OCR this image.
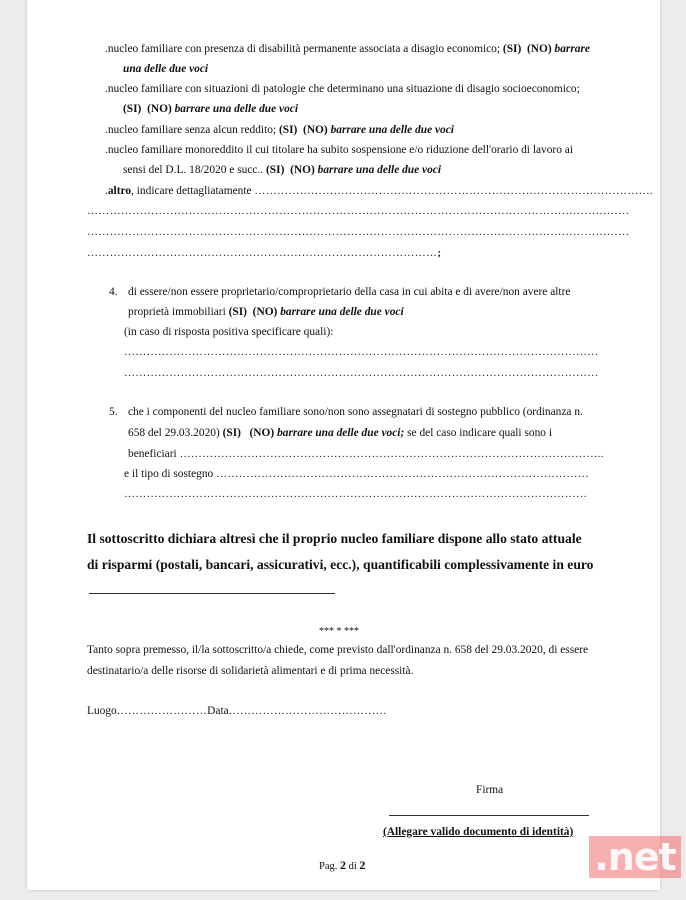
.nucleo familiare con presenza di disabilità permanente associata a disagio economico; (SI) (NO) barrare
una delle due voci
.nucleo familiare con situazioni di patologie che determinano una situazione di disagio socioeconomico;
(SI) (NO) barrare una delle due voci
.nucleo familiare senza alcun reddito; (SI) (NO) barrare una delle due voci
.nucleo familiare monoreddito il cui titolare ha subito sospensione e/o riduzione dell'orario di lavoro ai
sensi del D.L. 18/2020 e succ.. (SI) (NO) barrare una delle due voci
.altro, indicare dettagliatamente …………………………………………………………………………………………….
………………………………………………………………………………………………………………………………
………………………………………………………………………………………………………………………………
…………………………………………………………………………………;
4. di essere/non essere proprietario/comproprietario della casa in cui abita e di avere/non avere altre
proprietà immobiliari (SI) (NO) barrare una delle due voci
(in caso di risposta positiva specificare quali):
………………………………………………………………………………………………………………
………………………………………………………………………………………………………………
5. che i componenti del nucleo familiare sono/non sono assegnatari di sostegno pubblico (ordinanza n.
658 del 29.03.2020) (SI) (NO) barrare una delle due voci; se del caso indicare quali sono i
beneficiari …………………………………………………………………………………………………..
e il tipo di sostegno ………………………………………………………………………………………
……………………………………………………………………………………………………………
Il sottoscritto dichiara altresì che il proprio nucleo familiare dispone allo stato attuale
di risparmi (postali, bancari, assicurativi, ecc.), quantificabili complessivamente in euro
*** * ***
Tanto sopra premesso, il/la sottoscritto/a chiede, come previsto dall'ordinanza n. 658 del 29.03.2020, di essere
destinatario/a delle risorse di solidarietà alimentari e di prima necessità.
Luogo……………………Data……………………………………
Firma
(Allegare valido documento di identità)
Pag. 2 di 2	.net
